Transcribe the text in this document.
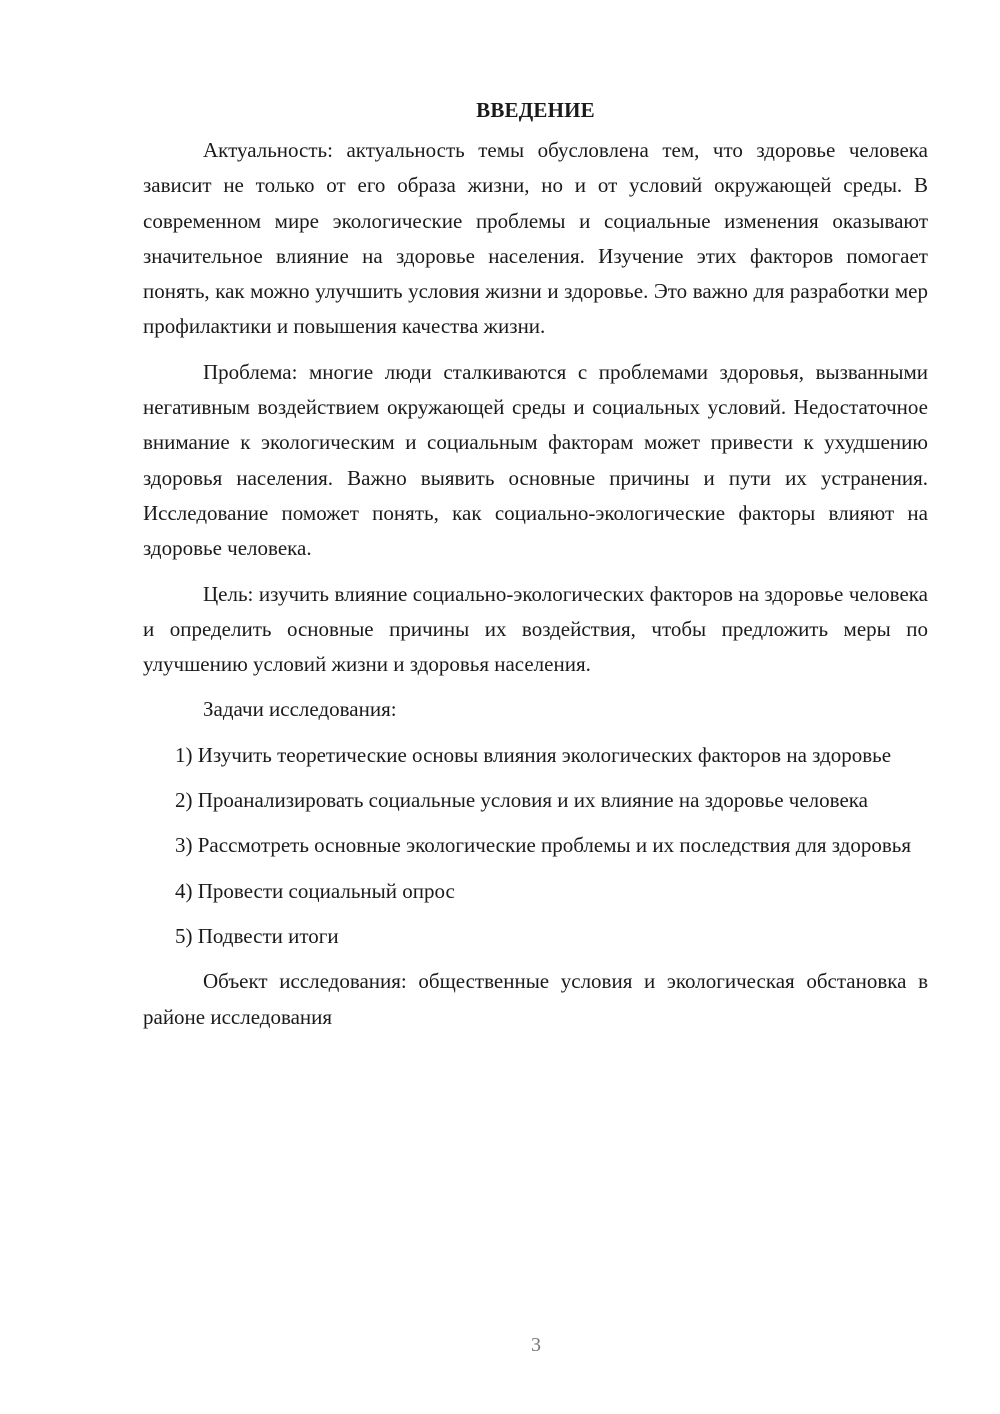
ВВЕДЕНИЕ

Актуальность: актуальность темы обусловлена тем, что здоровье человека зависит не только от его образа жизни, но и от условий окружающей среды. В современном мире экологические проблемы и социальные изменения оказывают значительное влияние на здоровье населения. Изучение этих факторов помогает понять, как можно улучшить условия жизни и здоровье. Это важно для разработки мер профилактики и повышения качества жизни.

Проблема: многие люди сталкиваются с проблемами здоровья, вызванными негативным воздействием окружающей среды и социальных условий. Недостаточное внимание к экологическим и социальным факторам может привести к ухудшению здоровья населения. Важно выявить основные причины и пути их устранения. Исследование поможет понять, как социально-экологические факторы влияют на здоровье человека.

Цель: изучить влияние социально-экологических факторов на здоровье человека и определить основные причины их воздействия, чтобы предложить меры по улучшению условий жизни и здоровья населения.

Задачи исследования:

1) Изучить теоретические основы влияния экологических факторов на здоровье

2) Проанализировать социальные условия и их влияние на здоровье человека

3) Рассмотреть основные экологические проблемы и их последствия для здоровья

4) Провести социальный опрос

5) Подвести итоги

Объект исследования: общественные условия и экологическая обстановка в районе исследования

3
